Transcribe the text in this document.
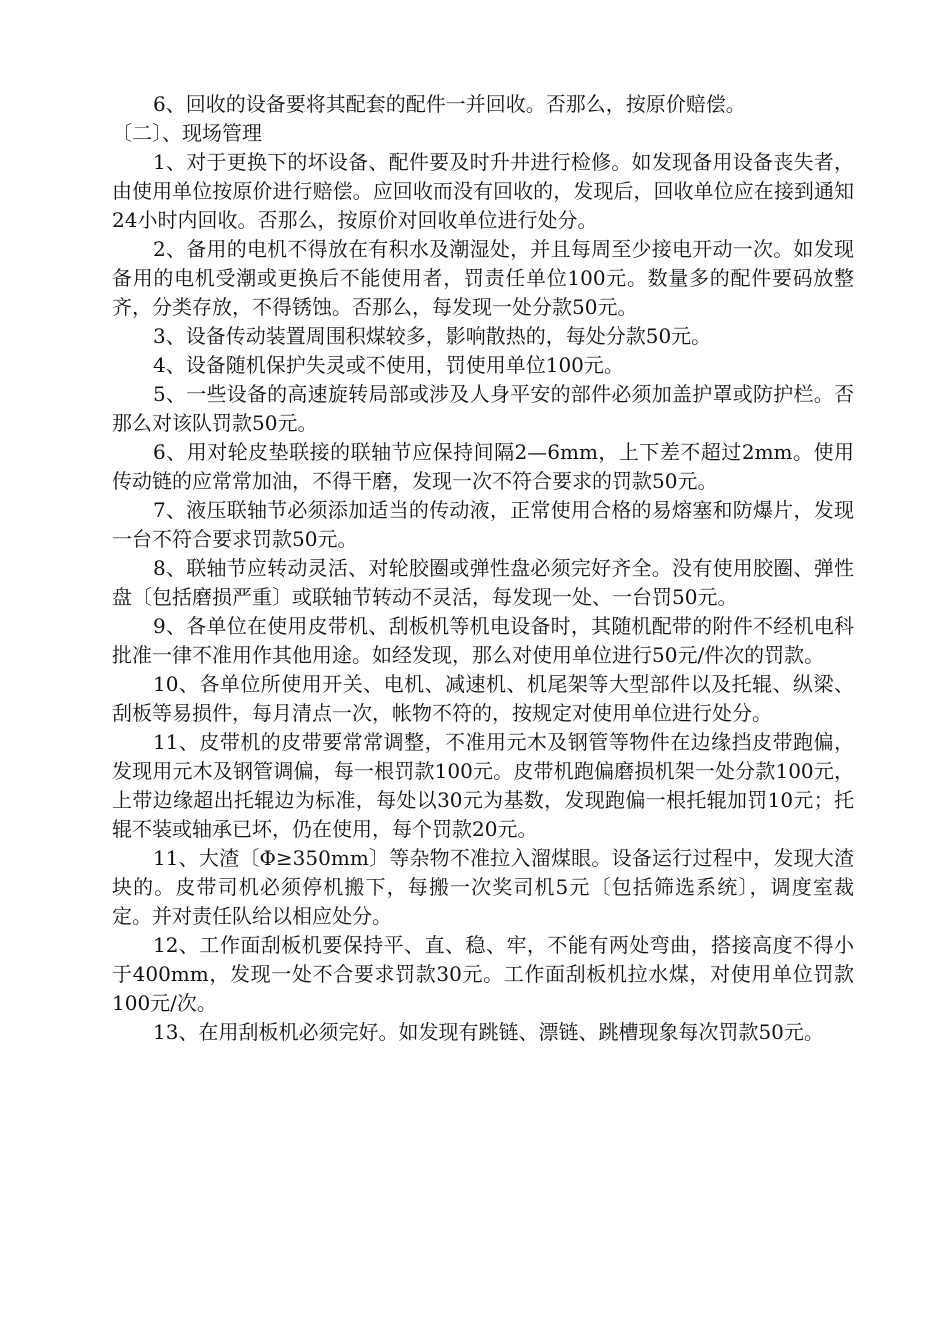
6、回收的设备要将其配套的配件一并回收。否那么，按原价赔偿。

〔二〕、现场管理

1、对于更换下的坏设备、配件要及时升井进行检修。如发现备用设备丧失者，由使用单位按原价进行赔偿。应回收而没有回收的，发现后，回收单位应在接到通知24小时内回收。否那么，按原价对回收单位进行处分。

2、备用的电机不得放在有积水及潮湿处，并且每周至少接电开动一次。如发现备用的电机受潮或更换后不能使用者，罚责任单位100元。数量多的配件要码放整齐，分类存放，不得锈蚀。否那么，每发现一处分款50元。

3、设备传动装置周围积煤较多，影响散热的，每处分款50元。

4、设备随机保护失灵或不使用，罚使用单位100元。

5、一些设备的高速旋转局部或涉及人身平安的部件必须加盖护罩或防护栏。否那么对该队罚款50元。

6、用对轮皮垫联接的联轴节应保持间隔2—6mm，上下差不超过2mm。使用传动链的应常常加油，不得干磨，发现一次不符合要求的罚款50元。

7、液压联轴节必须添加适当的传动液，正常使用合格的易熔塞和防爆片，发现一台不符合要求罚款50元。

8、联轴节应转动灵活、对轮胶圈或弹性盘必须完好齐全。没有使用胶圈、弹性盘〔包括磨损严重〕或联轴节转动不灵活，每发现一处、一台罚50元。

9、各单位在使用皮带机、刮板机等机电设备时，其随机配带的附件不经机电科批准一律不准用作其他用途。如经发现，那么对使用单位进行50元/件次的罚款。

10、各单位所使用开关、电机、减速机、机尾架等大型部件以及托辊、纵梁、刮板等易损件，每月清点一次，帐物不符的，按规定对使用单位进行处分。

11、皮带机的皮带要常常调整，不准用元木及钢管等物件在边缘挡皮带跑偏，发现用元木及钢管调偏，每一根罚款100元。皮带机跑偏磨损机架一处分款100元，上带边缘超出托辊边为标准，每处以30元为基数，发现跑偏一根托辊加罚10元；托辊不装或轴承已坏，仍在使用，每个罚款20元。

11、大渣〔Φ≥350mm〕等杂物不准拉入溜煤眼。设备运行过程中，发现大渣块的。皮带司机必须停机搬下，每搬一次奖司机5元〔包括筛选系统〕，调度室裁定。并对责任队给以相应处分。

12、工作面刮板机要保持平、直、稳、牢，不能有两处弯曲，搭接高度不得小于400mm，发现一处不合要求罚款30元。工作面刮板机拉水煤，对使用单位罚款100元/次。

13、在用刮板机必须完好。如发现有跳链、漂链、跳槽现象每次罚款50元。
